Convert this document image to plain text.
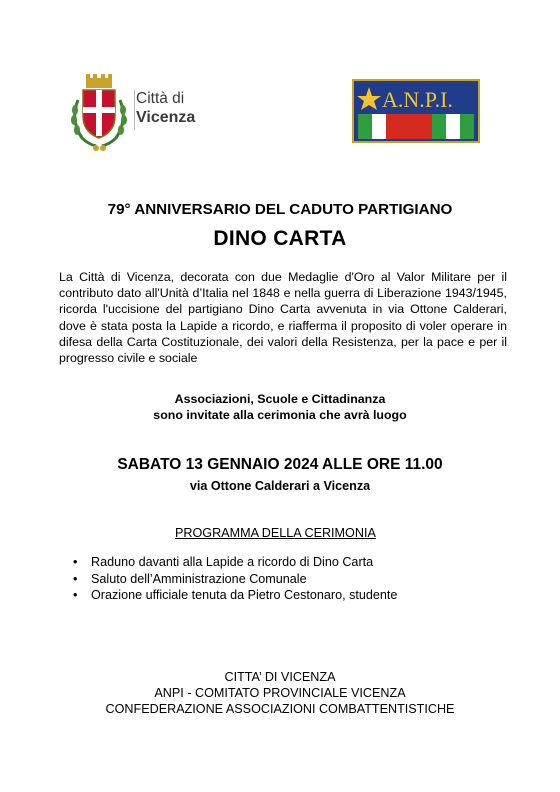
Città di
Vicenza
A.N.P.I.
79° ANNIVERSARIO DEL CADUTO PARTIGIANO
DINO CARTA
La Città di Vicenza, decorata con due Medaglie d'Oro al Valor Militare per il contributo dato all'Unità d’Italia nel 1848 e nella guerra di Liberazione 1943/1945, ricorda l'uccisione del partigiano Dino Carta avvenuta in via Ottone Calderari, dove è stata posta la Lapide a ricordo, e riafferma il proposito di voler operare in difesa della Carta Costituzionale, dei valori della Resistenza, per la pace e per il progresso civile e sociale
Associazioni, Scuole e Cittadinanza
sono invitate alla cerimonia che avrà luogo
SABATO 13 GENNAIO 2024 ALLE ORE 11.00
via Ottone Calderari a Vicenza
PROGRAMMA DELLA CERIMONIA
• Raduno davanti alla Lapide a ricordo di Dino Carta
• Saluto dell’Amministrazione Comunale
• Orazione ufficiale tenuta da Pietro Cestonaro, studente
CITTA’ DI VICENZA
ANPI - COMITATO PROVINCIALE VICENZA
CONFEDERAZIONE ASSOCIAZIONI COMBATTENTISTICHE
